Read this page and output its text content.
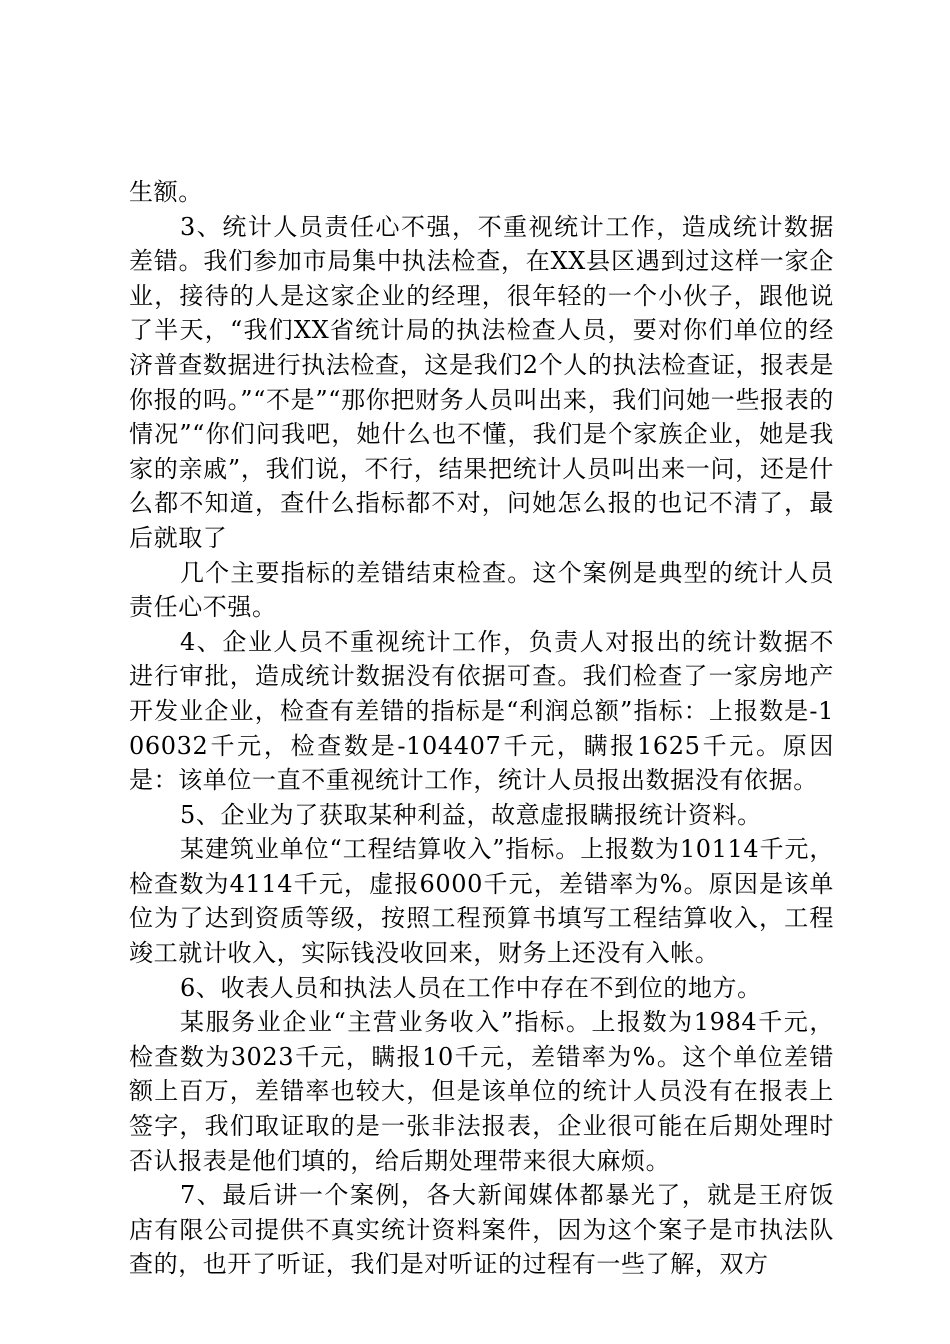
生额。

3、统计人员责任心不强，不重视统计工作，造成统计数据差错。我们参加市局集中执法检查，在XX县区遇到过这样一家企业，接待的人是这家企业的经理，很年轻的一个小伙子，跟他说了半天，“我们XX省统计局的执法检查人员，要对你们单位的经济普查数据进行执法检查，这是我们2个人的执法检查证，报表是你报的吗。”“不是”“那你把财务人员叫出来，我们问她一些报表的情况”“你们问我吧，她什么也不懂，我们是个家族企业，她是我家的亲戚”，我们说，不行，结果把统计人员叫出来一问，还是什么都不知道，查什么指标都不对，问她怎么报的也记不清了，最后就取了

几个主要指标的差错结束检查。这个案例是典型的统计人员责任心不强。

4、企业人员不重视统计工作，负责人对报出的统计数据不进行审批，造成统计数据没有依据可查。我们检查了一家房地产开发业企业，检查有差错的指标是“利润总额”指标：上报数是-106032千元，检查数是-104407千元，瞒报1625千元。原因是：该单位一直不重视统计工作，统计人员报出数据没有依据。

5、企业为了获取某种利益，故意虚报瞒报统计资料。

某建筑业单位“工程结算收入”指标。上报数为10114千元，检查数为4114千元，虚报6000千元，差错率为%。原因是该单位为了达到资质等级，按照工程预算书填写工程结算收入，工程竣工就计收入，实际钱没收回来，财务上还没有入帐。

6、收表人员和执法人员在工作中存在不到位的地方。

某服务业企业“主营业务收入”指标。上报数为1984千元，检查数为3023千元，瞒报10千元，差错率为%。这个单位差错额上百万，差错率也较大，但是该单位的统计人员没有在报表上签字，我们取证取的是一张非法报表，企业很可能在后期处理时否认报表是他们填的，给后期处理带来很大麻烦。

7、最后讲一个案例，各大新闻媒体都暴光了，就是王府饭店有限公司提供不真实统计资料案件，因为这个案子是市执法队查的，也开了听证，我们是对听证的过程有一些了解，双方
